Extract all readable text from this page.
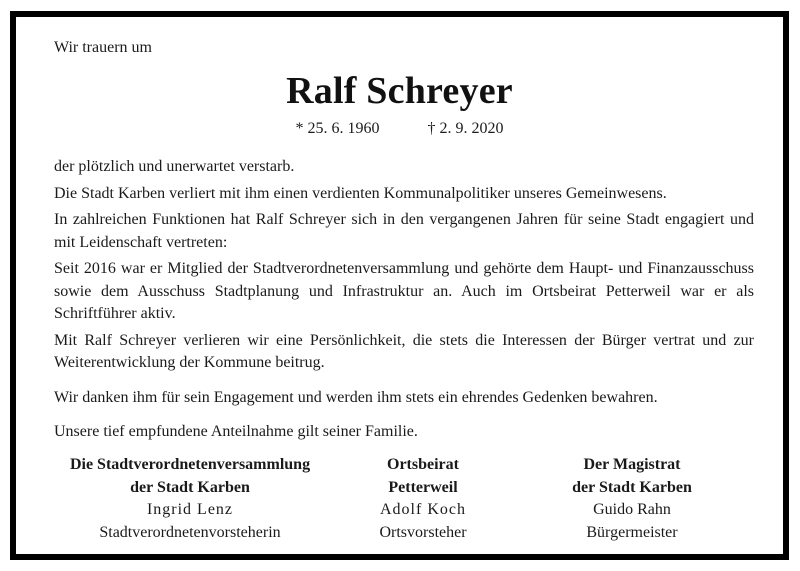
Wir trauern um
Ralf Schreyer
* 25. 6. 1960	† 2. 9. 2020

der plötzlich und unerwartet verstarb.

Die Stadt Karben verliert mit ihm einen verdienten Kommunalpolitiker unseres Gemeinwesens.

In zahlreichen Funktionen hat Ralf Schreyer sich in den vergangenen Jahren für seine Stadt engagiert und mit Leidenschaft vertreten:

Seit 2016 war er Mitglied der Stadtverordnetenversammlung und gehörte dem Haupt- und Finanzausschuss sowie dem Ausschuss Stadtplanung und Infrastruktur an. Auch im Ortsbeirat Petterweil war er als Schriftführer aktiv.

Mit Ralf Schreyer verlieren wir eine Persönlichkeit, die stets die Interessen der Bürger vertrat und zur Weiterentwicklung der Kommune beitrug.

Wir danken ihm für sein Engagement und werden ihm stets ein ehrendes Gedenken bewahren.

Unsere tief empfundene Anteilnahme gilt seiner Familie.

Die Stadtverordnetenversammlung
der Stadt Karben
Ingrid Lenz
Stadtverordnetenvorsteherin
Ortsbeirat
Petterweil
Adolf Koch
Ortsvorsteher
Der Magistrat
der Stadt Karben
Guido Rahn
Bürgermeister
